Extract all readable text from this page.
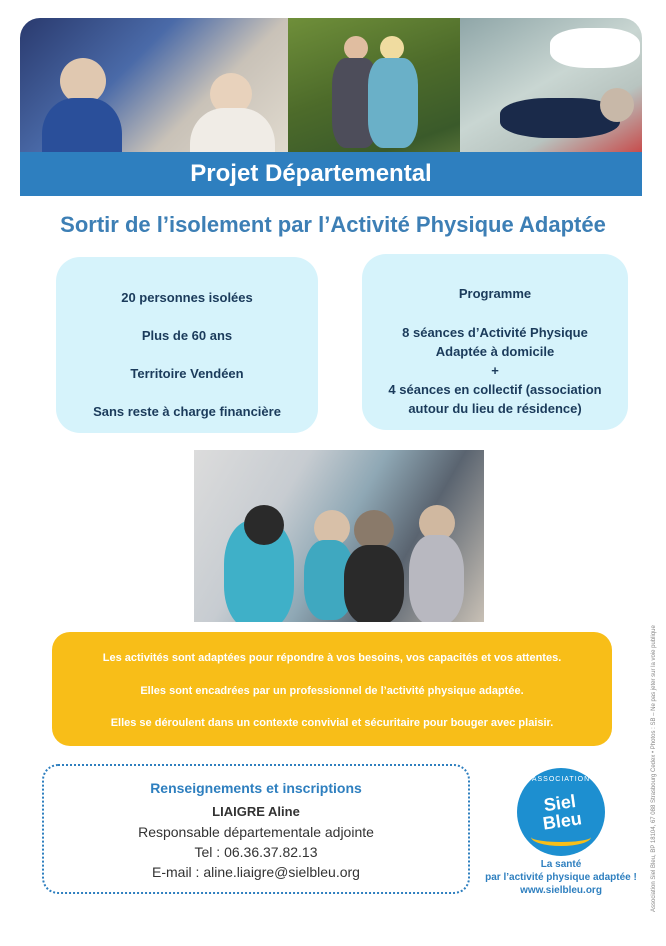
Projet Départemental
Sortir de l’isolement par l’Activité Physique Adaptée

20 personnes isolées

Plus de 60 ans

Territoire Vendéen

Sans reste à charge financière

Programme
8 séances d’Activité Physique
Adaptée à domicile
+
4 séances en collectif (association
autour du lieu de résidence)

Les activités sont adaptées pour répondre à vos besoins, vos capacités et vos attentes.

Elles sont encadrées par un professionnel de l’activité physique adaptée.

Elles se déroulent dans un contexte convivial et sécuritaire pour bouger avec plaisir.

Renseignements et inscriptions
LIAIGRE Aline
Responsable départementale adjointe
Tel : 06.36.37.82.13
E-mail : aline.liaigre@sielbleu.org
ASSOCIATION
Siel
Bleu
La santé
par l’activité physique adaptée !
www.sielbleu.org	Association Siel Bleu, BP 18104, 67 088 Strasbourg Cedex • Photos : SB – Ne pas jeter sur la voie publique
